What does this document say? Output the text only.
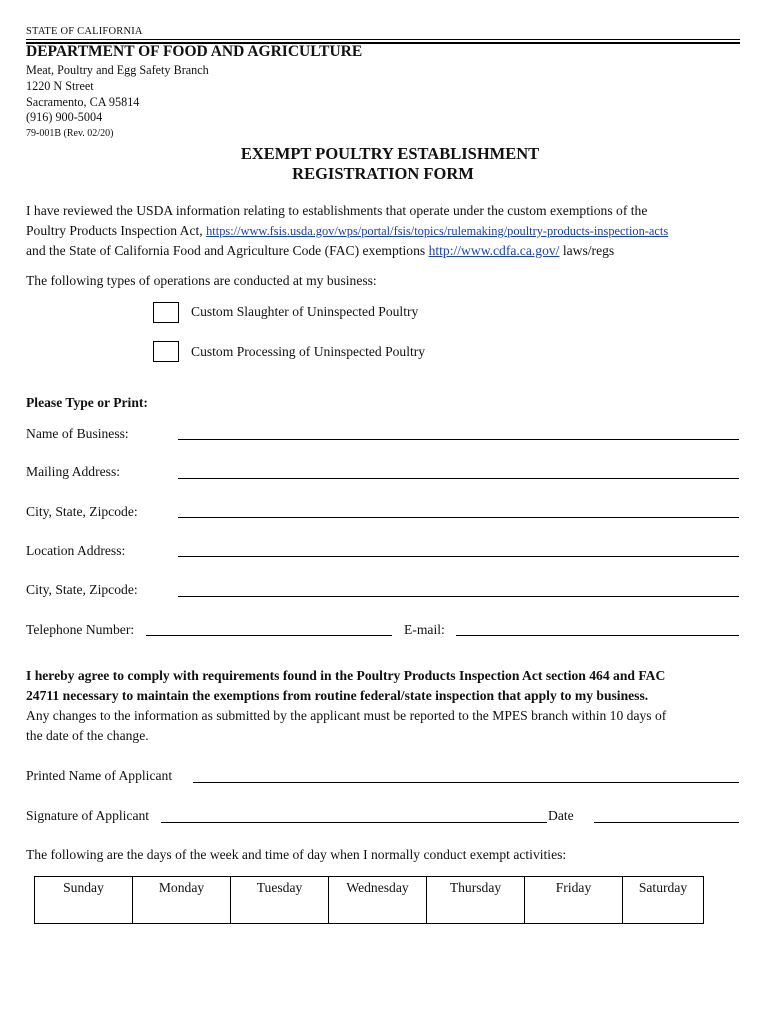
STATE OF CALIFORNIA
DEPARTMENT OF FOOD AND AGRICULTURE
Meat, Poultry and Egg Safety Branch
1220 N Street
Sacramento, CA 95814
(916) 900-5004
79-001B (Rev. 02/20)
EXEMPT POULTRY ESTABLISHMENT
REGISTRATION FORM
I have reviewed the USDA information relating to establishments that operate under the custom exemptions of the
Poultry Products Inspection Act, https://www.fsis.usda.gov/wps/portal/fsis/topics/rulemaking/poultry-products-inspection-acts
and the State of California Food and Agriculture Code (FAC) exemptions http://www.cdfa.ca.gov/ laws/regs
The following types of operations are conducted at my business:
Custom Slaughter of Uninspected Poultry
Custom Processing of Uninspected Poultry
Please Type or Print:
Name of Business:
Mailing Address:
City, State, Zipcode:
Location Address:
City, State, Zipcode:
Telephone Number:	E-mail:
I hereby agree to comply with requirements found in the Poultry Products Inspection Act section 464 and FAC
24711 necessary to maintain the exemptions from routine federal/state inspection that apply to my business.
Any changes to the information as submitted by the applicant must be reported to the MPES branch within 10 days of
the date of the change.
Printed Name of Applicant
Signature of Applicant	Date
The following are the days of the week and time of day when I normally conduct exempt activities:
Sunday	Monday	Tuesday	Wednesday	Thursday	Friday	Saturday
